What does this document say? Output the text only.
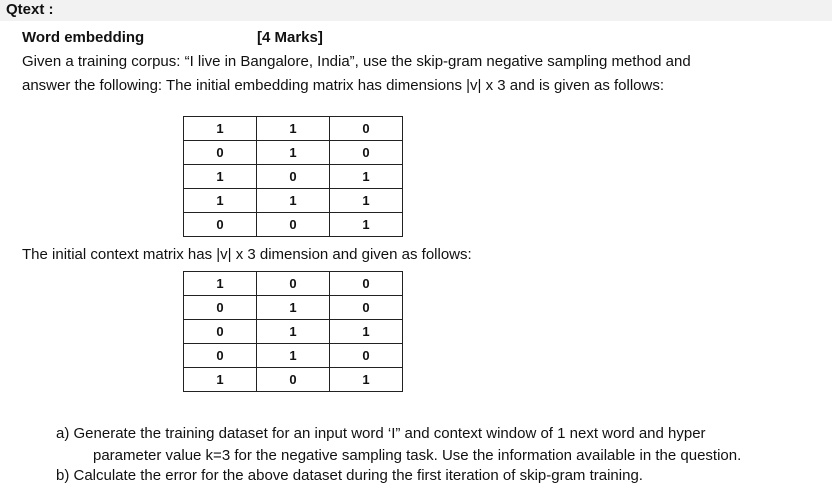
Qtext :
Word embedding	[4 Marks]
Given a training corpus: “I live in Bangalore, India”, use the skip-gram negative sampling method and
answer the following: The initial embedding matrix has dimensions |v| x 3 and is given as follows:
1	1	0
0	1	0
1	0	1
1	1	1
0	0	1
The initial context matrix has |v| x 3 dimension and given as follows:
1	0	0
0	1	0
0	1	1
0	1	0
1	0	1
a) Generate the training dataset for an input word ‘I” and context window of 1 next word and hyper
parameter value k=3 for the negative sampling task. Use the information available in the question.
b) Calculate the error for the above dataset during the first iteration of skip-gram training.
